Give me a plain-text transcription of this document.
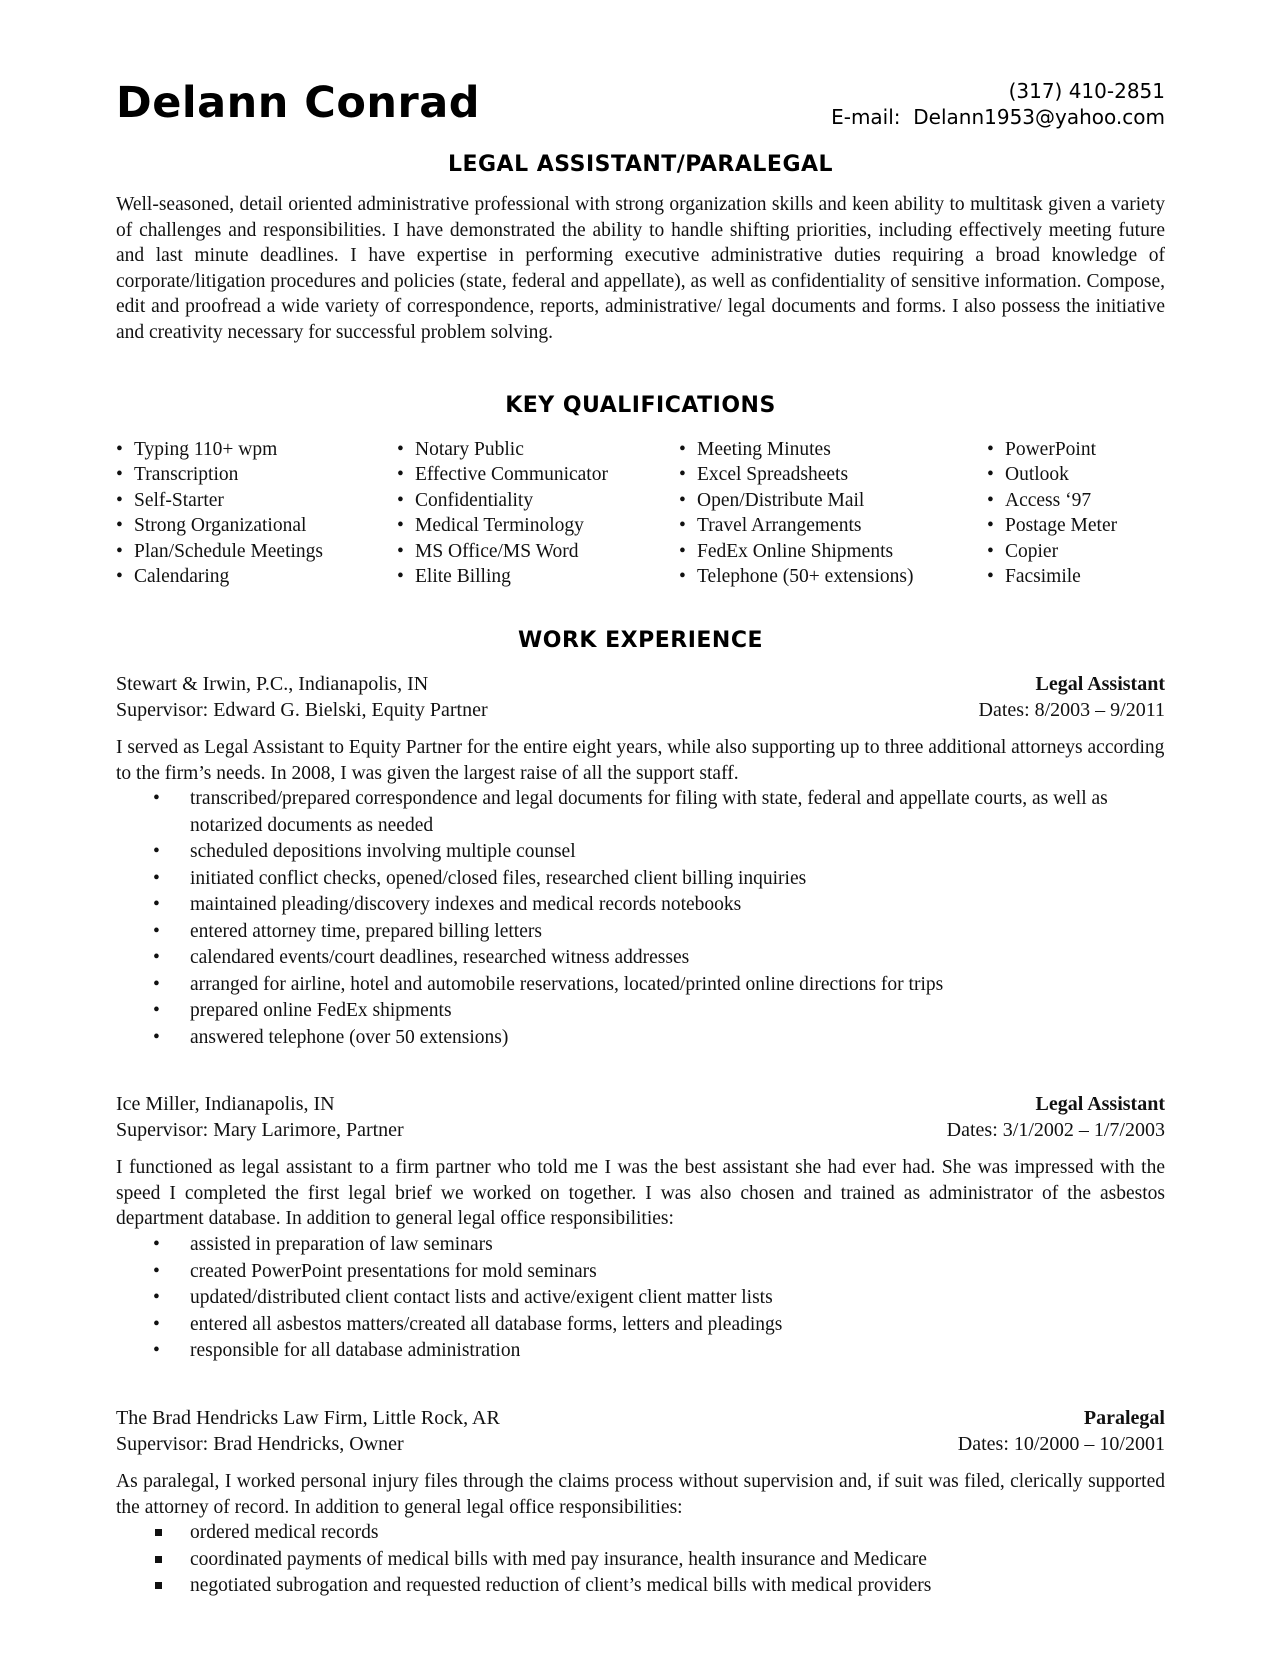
Delann Conrad	(317) 410-2851
E-mail: Delann1953@yahoo.com
LEGAL ASSISTANT/PARALEGAL
Well-seasoned, detail oriented administrative professional with strong organization skills and keen ability to multitask given a variety of challenges and responsibilities. I have demonstrated the ability to handle shifting priorities, including effectively meeting future and last minute deadlines. I have expertise in performing executive administrative duties requiring a broad knowledge of corporate/litigation procedures and policies (state, federal and appellate), as well as confidentiality of sensitive information. Compose, edit and proofread a wide variety of correspondence, reports, administrative/ legal documents and forms. I also possess the initiative and creativity necessary for successful problem solving.
KEY QUALIFICATIONS
• Typing 110+ wpm
• Transcription
• Self-Starter
• Strong Organizational
• Plan/Schedule Meetings
• Calendaring
• Notary Public
• Effective Communicator
• Confidentiality
• Medical Terminology
• MS Office/MS Word
• Elite Billing
• Meeting Minutes
• Excel Spreadsheets
• Open/Distribute Mail
• Travel Arrangements
• FedEx Online Shipments
• Telephone (50+ extensions)
• PowerPoint
• Outlook
• Access ‘97
• Postage Meter
• Copier
• Facsimile
WORK EXPERIENCE
Stewart & Irwin, P.C., Indianapolis, IN
Supervisor: Edward G. Bielski, Equity Partner
Legal Assistant
Dates: 8/2003 – 9/2011
I served as Legal Assistant to Equity Partner for the entire eight years, while also supporting up to three additional attorneys according to the firm’s needs. In 2008, I was given the largest raise of all the support staff.
• transcribed/prepared correspondence and legal documents for filing with state, federal and appellate courts, as well as notarized documents as needed
• scheduled depositions involving multiple counsel
• initiated conflict checks, opened/closed files, researched client billing inquiries
• maintained pleading/discovery indexes and medical records notebooks
• entered attorney time, prepared billing letters
• calendared events/court deadlines, researched witness addresses
• arranged for airline, hotel and automobile reservations, located/printed online directions for trips
• prepared online FedEx shipments
• answered telephone (over 50 extensions)
Ice Miller, Indianapolis, IN
Supervisor: Mary Larimore, Partner
Legal Assistant
Dates: 3/1/2002 – 1/7/2003
I functioned as legal assistant to a firm partner who told me I was the best assistant she had ever had. She was impressed with the speed I completed the first legal brief we worked on together. I was also chosen and trained as administrator of the asbestos department database. In addition to general legal office responsibilities:
• assisted in preparation of law seminars
• created PowerPoint presentations for mold seminars
• updated/distributed client contact lists and active/exigent client matter lists
• entered all asbestos matters/created all database forms, letters and pleadings
• responsible for all database administration
The Brad Hendricks Law Firm, Little Rock, AR
Supervisor: Brad Hendricks, Owner
Paralegal
Dates: 10/2000 – 10/2001
As paralegal, I worked personal injury files through the claims process without supervision and, if suit was filed, clerically supported the attorney of record. In addition to general legal office responsibilities:
ordered medical records
coordinated payments of medical bills with med pay insurance, health insurance and Medicare
negotiated subrogation and requested reduction of client’s medical bills with medical providers
